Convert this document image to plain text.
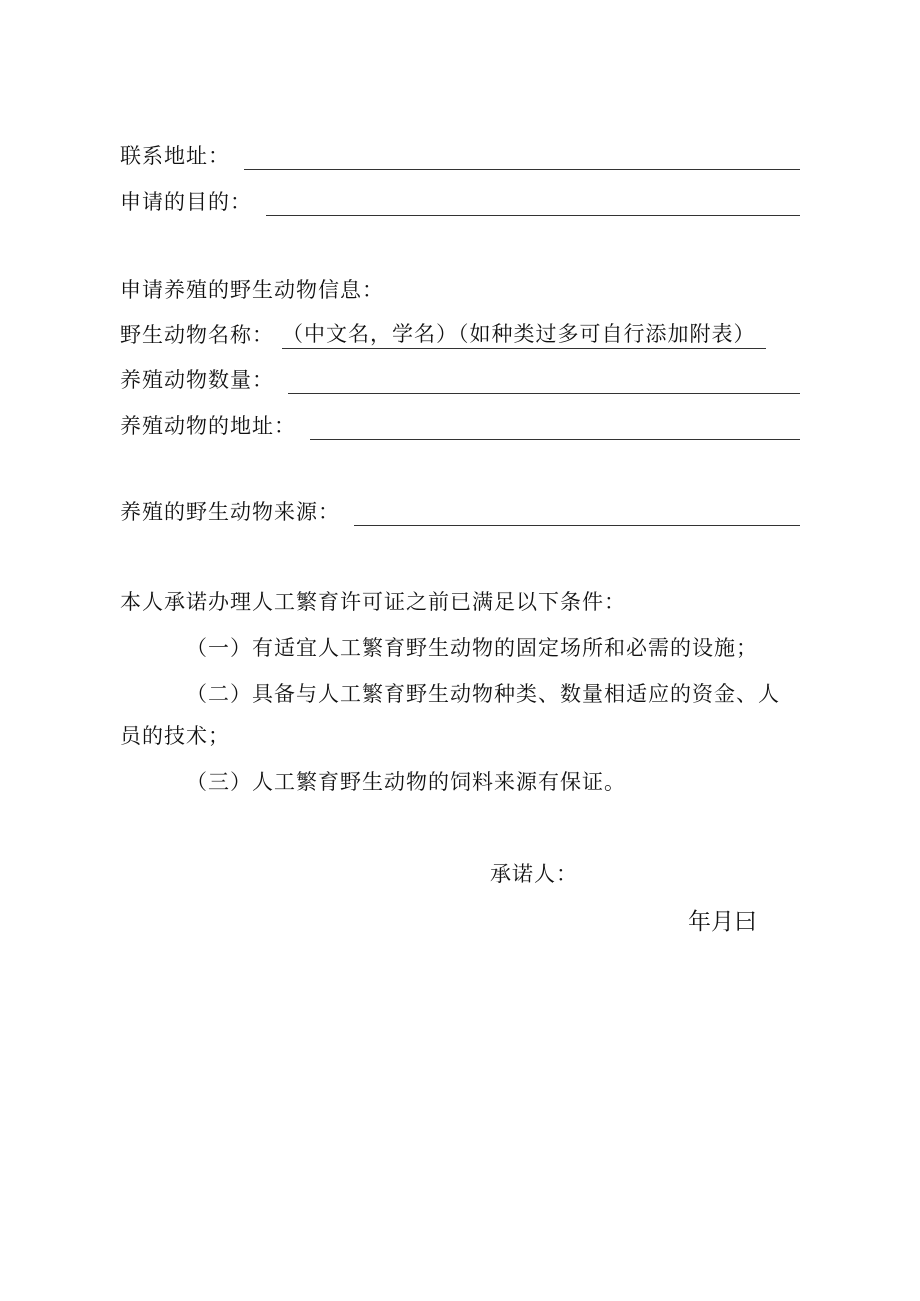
联系地址：
申请的目的：
申请养殖的野生动物信息：
野生动物名称： （中文名，学名）（如种类过多可自行添加附表）
养殖动物数量：
养殖动物的地址：
养殖的野生动物来源：
本人承诺办理人工繁育许可证之前已满足以下条件：
（一）有适宜人工繁育野生动物的固定场所和必需的设施；
（二）具备与人工繁育野生动物种类、数量相适应的资金、人
员的技术；
（三）人工繁育野生动物的饲料来源有保证。
承诺人：
年月曰
